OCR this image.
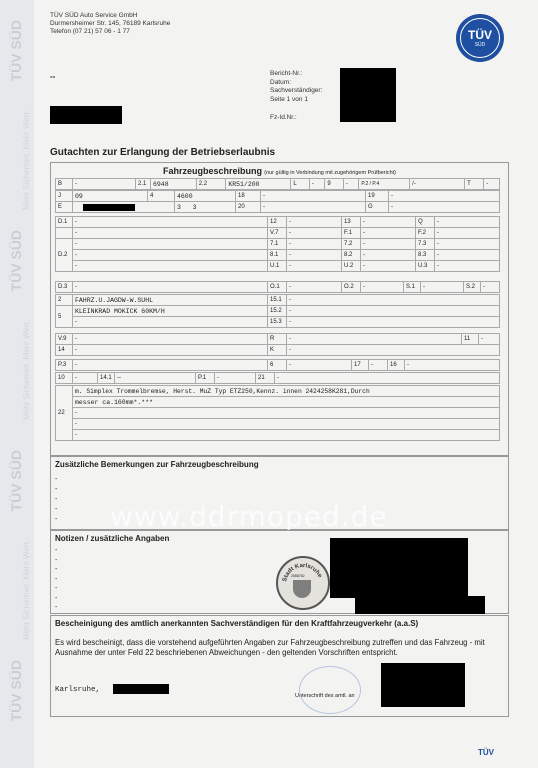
TÜV SÜD
Mehr Sicherheit. Mehr Wert.
TÜV SÜD
Mehr Sicherheit. Mehr Wert.
TÜV SÜD
Mehr Sicherheit. Mehr Wert.
TÜV SÜD
TÜV SÜD Auto Service GmbH
Durmersheimer Str. 145, 76189 Karlsruhe
Telefon (07 21) 57 06 - 1 77	TÜV
SÜD
--	Bericht-Nr.:
Datum:
Sachverständiger:
Seite 1 von 1
Fz-Id.Nr.:
Gutachten zur Erlangung der Betriebserlaubnis
Fahrzeugbeschreibung (nur gültig in Verbindung mit zugehörigem Prüfbericht)
B	-	2.1	6948	2.2	KR51/200	L	-	9	-	P.2 / P.4	/-	T	-
J	09	4	4600	18	-	19	-
E			3 3	20	-	G	-
D.1	-	12	-	13	-	Q	-
	-	V.7	-	F.1	-	F.2	-
D.2	-	7.1	-	7.2	-	7.3	-
	-	8.1	-	8.2	-	8.3	-
	-	U.1	-	U.2	-	U.3	-
D.3	-	O.1	-	O.2	-	S.1	-	S.2	-
2	FAHRZ.U.JAGDW-W.SUHL	15.1	-
5	KLEINKRAD MOKICK 60KM/H	15.2	-
	-	15.3	-
V.9	-	R	-	11	-
14	-	K	-		
P.3	-	6	-	17	-	16	-
10	-	14.1	--	P.1	-	21	-
22	m. Simplex Trommelbremse, Herst. MuZ Typ ETZ250,Kennz. innen 2424258K281,Durch
messer ca.160mm*.***
-
-
-
Zusätzliche Bemerkungen zur Fahrzeugbeschreibung
-
-
-
-
- www.ddrmoped.de
Notizen / zusätzliche Angaben
-
-
-
-
-
-
-
Stadt Karlsruhe
2658762
Bescheinigung des amtlich anerkannten Sachverständigen für den Kraftfahrzeugverkehr (a.a.S)
Es wird bescheinigt, dass die vorstehend aufgeführten Angaben zur Fahrzeugbeschreibung zutreffen und das Fahrzeug - mit Ausnahme der unter Feld 22 beschriebenen Abweichungen - den geltenden Vorschriften entspricht.
Karlsruhe,
Unterschrift des amtl. an
TÜV
